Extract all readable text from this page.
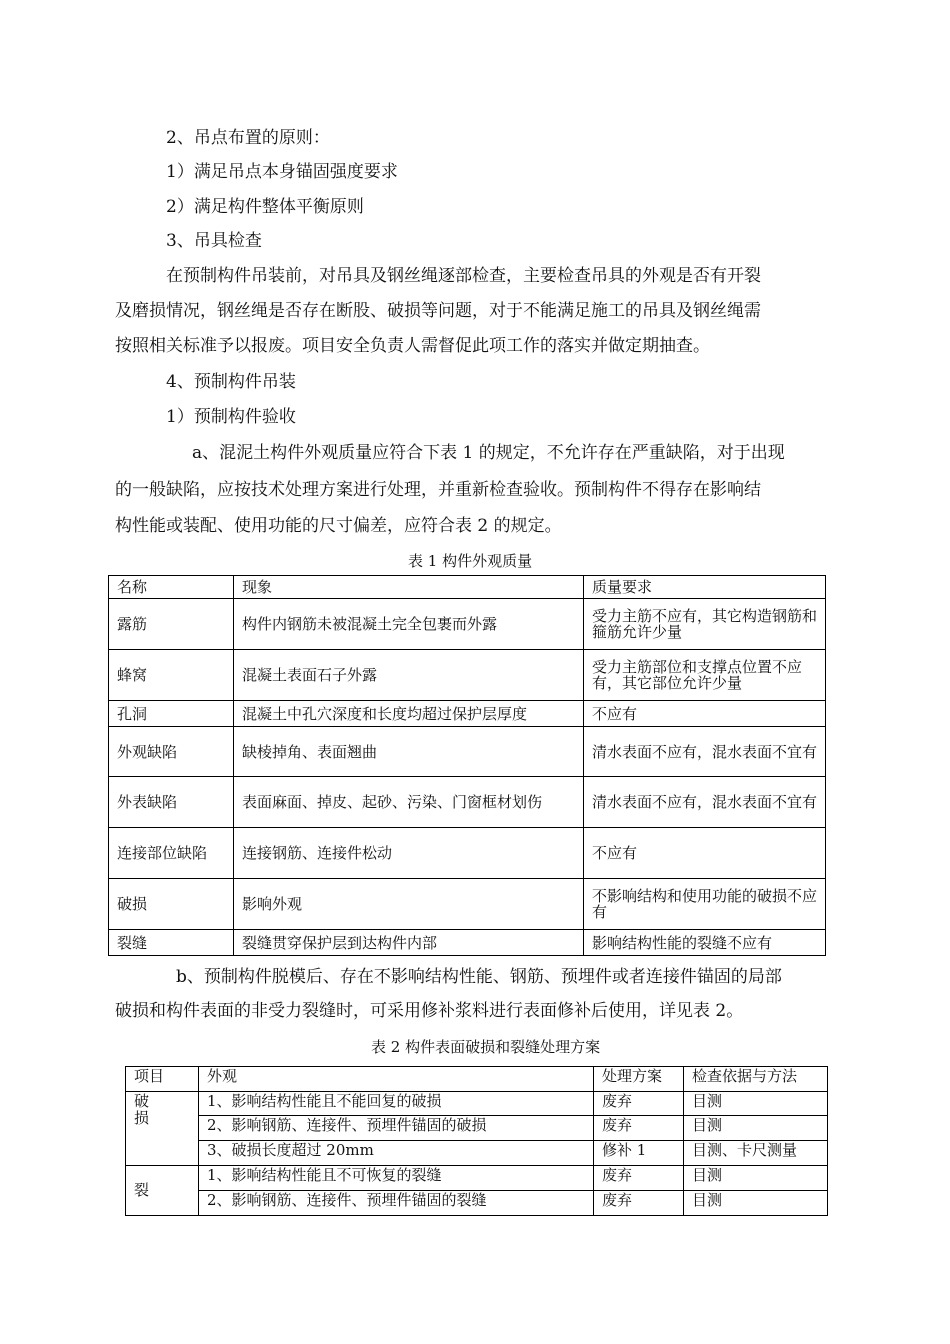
2、吊点布置的原则：
1）满足吊点本身锚固强度要求
2）满足构件整体平衡原则
3、吊具检查
在预制构件吊装前，对吊具及钢丝绳逐部检查，主要检查吊具的外观是否有开裂
及磨损情况，钢丝绳是否存在断股、破损等问题，对于不能满足施工的吊具及钢丝绳需
按照相关标准予以报废。项目安全负责人需督促此项工作的落实并做定期抽查。
4、预制构件吊装
1）预制构件验收
a、混泥土构件外观质量应符合下表 1 的规定，不允许存在严重缺陷，对于出现
的一般缺陷，应按技术处理方案进行处理，并重新检查验收。预制构件不得存在影响结
构性能或装配、使用功能的尺寸偏差，应符合表 2 的规定。
表 1 构件外观质量
名称	现象	质量要求
露筋	构件内钢筋未被混凝土完全包裹而外露	受力主筋不应有，其它构造钢筋和箍筋允许少量
蜂窝	混凝土表面石子外露	受力主筋部位和支撑点位置不应有，其它部位允许少量
孔洞	混凝土中孔穴深度和长度均超过保护层厚度	不应有
外观缺陷	缺棱掉角、表面翘曲	清水表面不应有，混水表面不宜有
外表缺陷	表面麻面、掉皮、起砂、污染、门窗框材划伤	清水表面不应有，混水表面不宜有
连接部位缺陷	连接钢筋、连接件松动	不应有
破损	影响外观	不影响结构和使用功能的破损不应有
裂缝	裂缝贯穿保护层到达构件内部	影响结构性能的裂缝不应有
b、预制构件脱模后、存在不影响结构性能、钢筋、预埋件或者连接件锚固的局部
破损和构件表面的非受力裂缝时，可采用修补浆料进行表面修补后使用，详见表 2。
表 2 构件表面破损和裂缝处理方案
项目	外观	处理方案	检查依据与方法
破
损	1、影响结构性能且不能回复的破损	废弃	目测
	2、影响钢筋、连接件、预埋件锚固的破损	废弃	目测
	3、破损长度超过 20mm	修补 1	目测、卡尺测量
裂	1、影响结构性能且不可恢复的裂缝	废弃	目测
	2、影响钢筋、连接件、预埋件锚固的裂缝	废弃	目测
